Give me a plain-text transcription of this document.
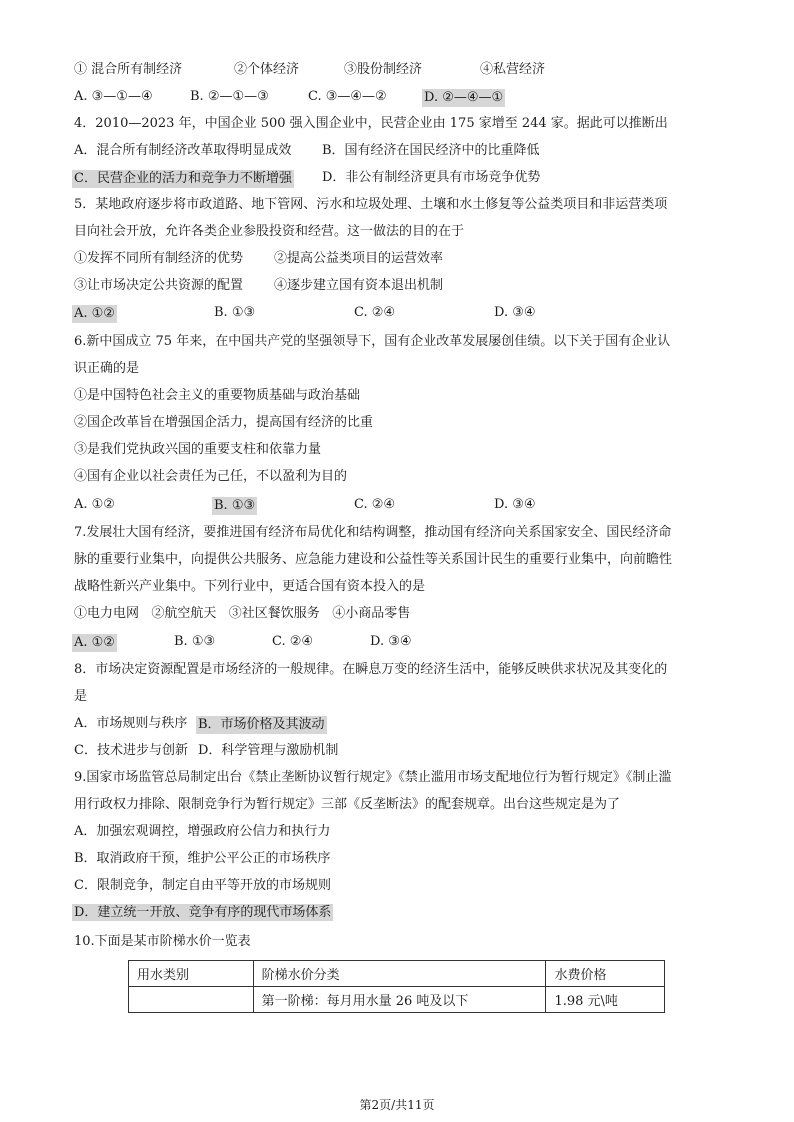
① 混合所有制经济	②个体经济	③股份制经济	④私营经济
A. ③—①—④	B. ②—①—③	C. ③—④—②	D. ②—④—①
4．2010—2023 年，中国企业 500 强入围企业中，民营企业由 175 家增至 244 家。据此可以推断出
A．混合所有制经济改革取得明显成效 B．国有经济在国民经济中的比重降低
C．民营企业的活力和竞争力不断增强 D．非公有制经济更具有市场竞争优势
5．某地政府逐步将市政道路、地下管网、污水和垃圾处理、土壤和水土修复等公益类项目和非运营类项
目向社会开放，允许各类企业参股投资和经营。这一做法的目的在于
①发挥不同所有制经济的优势 ②提高公益类项目的运营效率
③让市场决定公共资源的配置 ④逐步建立国有资本退出机制
A. ①②	B. ①③	C. ②④	D. ③④
6.新中国成立 75 年来，在中国共产党的坚强领导下，国有企业改革发展屡创佳绩。以下关于国有企业认
识正确的是
①是中国特色社会主义的重要物质基础与政治基础
②国企改革旨在增强国企活力，提高国有经济的比重
③是我们党执政兴国的重要支柱和依靠力量
④国有企业以社会责任为己任，不以盈利为目的
A. ①②	B. ①③	C. ②④	D. ③④
7.发展壮大国有经济，要推进国有经济布局优化和结构调整，推动国有经济向关系国家安全、国民经济命
脉的重要行业集中，向提供公共服务、应急能力建设和公益性等关系国计民生的重要行业集中，向前瞻性
战略性新兴产业集中。下列行业中，更适合国有资本投入的是
①电力电网   ②航空航天   ③社区餐饮服务   ④小商品零售
A. ①②	B. ①③	C. ②④	D. ③④
8．市场决定资源配置是市场经济的一般规律。在瞬息万变的经济生活中，能够反映供求状况及其变化的
是
A．市场规则与秩序 B．市场价格及其波动
C．技术进步与创新 D．科学管理与激励机制
9.国家市场监管总局制定出台《禁止垄断协议暂行规定》《禁止滥用市场支配地位行为暂行规定》《制止滥
用行政权力排除、限制竞争行为暂行规定》三部《反垄断法》的配套规章。出台这些规定是为了
A．加强宏观调控，增强政府公信力和执行力
B．取消政府干预，维护公平公正的市场秩序
C．限制竞争，制定自由平等开放的市场规则
D．建立统一开放、竞争有序的现代市场体系
10.下面是某市阶梯水价一览表
用水类别	阶梯水价分类	水费价格
	第一阶梯：每月用水量 26 吨及以下	1.98 元\吨
第2页/共11页
